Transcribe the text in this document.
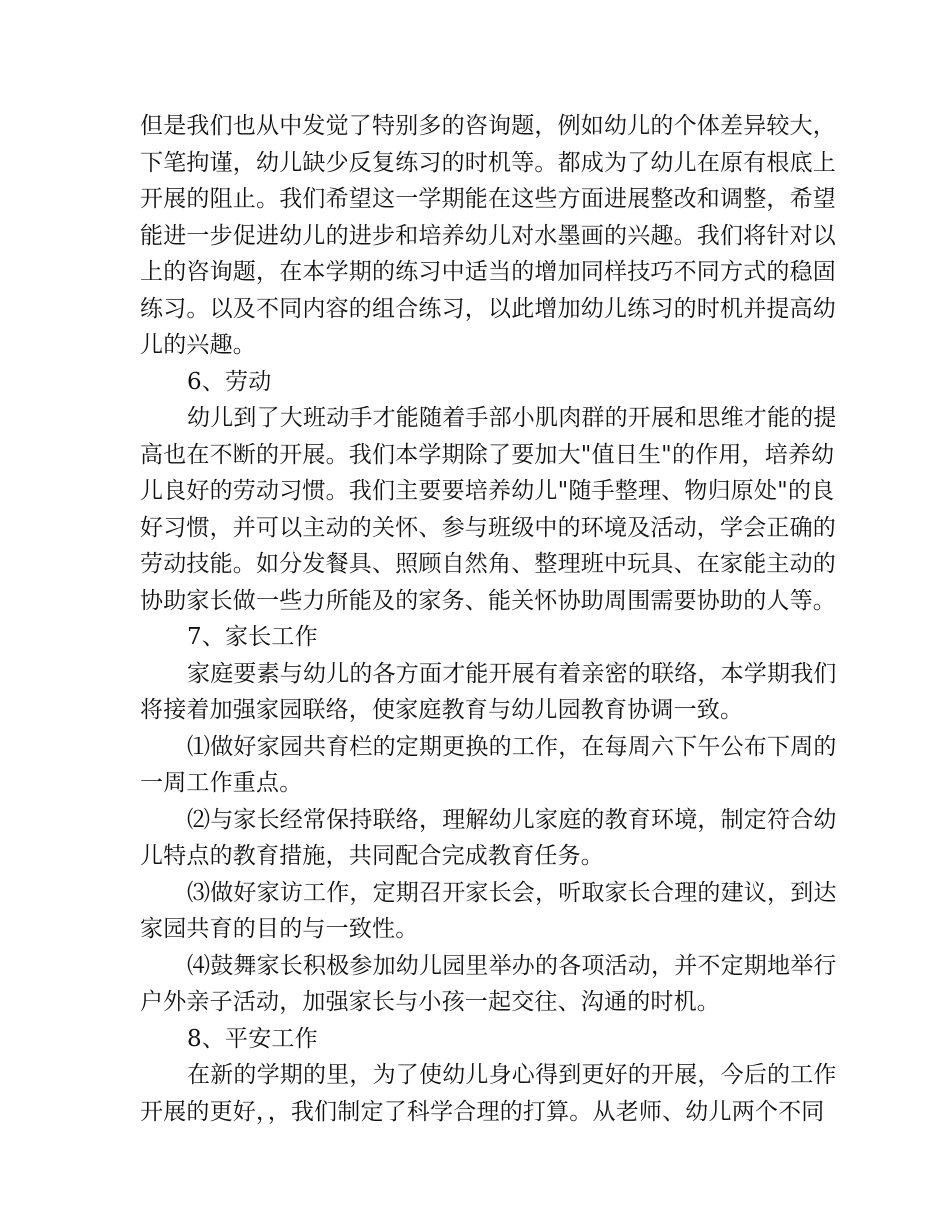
但是我们也从中发觉了特别多的咨询题，例如幼儿的个体差异较大，
下笔拘谨，幼儿缺少反复练习的时机等。都成为了幼儿在原有根底上
开展的阻止。我们希望这一学期能在这些方面进展整改和调整，希望
能进一步促进幼儿的进步和培养幼儿对水墨画的兴趣。我们将针对以
上的咨询题，在本学期的练习中适当的增加同样技巧不同方式的稳固
练习。以及不同内容的组合练习，以此增加幼儿练习的时机并提高幼
儿的兴趣。
6、劳动
幼儿到了大班动手才能随着手部小肌肉群的开展和思维才能的提
高也在不断的开展。我们本学期除了要加大"值日生"的作用，培养幼
儿良好的劳动习惯。我们主要要培养幼儿"随手整理、物归原处"的良
好习惯，并可以主动的关怀、参与班级中的环境及活动，学会正确的
劳动技能。如分发餐具、照顾自然角、整理班中玩具、在家能主动的
协助家长做一些力所能及的家务、能关怀协助周围需要协助的人等。
7、家长工作
家庭要素与幼儿的各方面才能开展有着亲密的联络，本学期我们
将接着加强家园联络，使家庭教育与幼儿园教育协调一致。
⑴做好家园共育栏的定期更换的工作，在每周六下午公布下周的
一周工作重点。
⑵与家长经常保持联络，理解幼儿家庭的教育环境，制定符合幼
儿特点的教育措施，共同配合完成教育任务。
⑶做好家访工作，定期召开家长会，听取家长合理的建议，到达
家园共育的目的与一致性。
⑷鼓舞家长积极参加幼儿园里举办的各项活动，并不定期地举行
户外亲子活动，加强家长与小孩一起交往、沟通的时机。
8、平安工作
在新的学期的里，为了使幼儿身心得到更好的开展，今后的工作
开展的更好，，我们制定了科学合理的打算。从老师、幼儿两个不同
